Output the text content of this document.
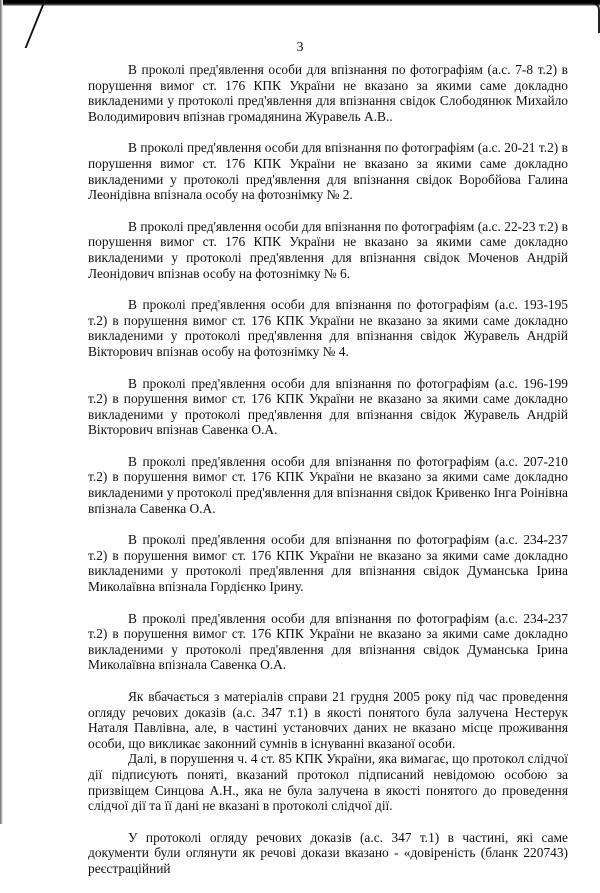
3

В проколі пред'явлення особи для впізнання по фотографіям (а.с. 7-8 т.2) в порушення вимог ст. 176 КПК України не вказано за якими саме докладно викладеними у протоколі пред'явлення для впізнання свідок Слободянюк Михайло Володимирович впізнав громадянина Журавель А.В..

В проколі пред'явлення особи для впізнання по фотографіям (а.с. 20-21 т.2) в порушення вимог ст. 176 КПК України не вказано за якими саме докладно викладеними у протоколі пред'явлення для впізнання свідок Воробйова Галина Леонідівна впізнала особу на фотознімку № 2.

В проколі пред'явлення особи для впізнання по фотографіям (а.с. 22-23 т.2) в порушення вимог ст. 176 КПК України не вказано за якими саме докладно викладеними у протоколі пред'явлення для впізнання свідок Моченов Андрій Леонідович впізнав особу на фотознімку № 6.

В проколі пред'явлення особи для впізнання по фотографіям (а.с. 193-195 т.2) в порушення вимог ст. 176 КПК України не вказано за якими саме докладно викладеними у протоколі пред'явлення для впізнання свідок Журавель Андрій Вікторович впізнав особу на фотознімку № 4.

В проколі пред'явлення особи для впізнання по фотографіям (а.с. 196-199 т.2) в порушення вимог ст. 176 КПК України не вказано за якими саме докладно викладеними у протоколі пред'явлення для впізнання свідок Журавель Андрій Вікторович впізнав Савенка О.А.

В проколі пред'явлення особи для впізнання по фотографіям (а.с. 207-210 т.2) в порушення вимог ст. 176 КПК України не вказано за якими саме докладно викладеними у протоколі пред'явлення для впізнання свідок Кривенко Інга Роінівна впізнала Савенка О.А.

В проколі пред'явлення особи для впізнання по фотографіям (а.с. 234-237 т.2) в порушення вимог ст. 176 КПК України не вказано за якими саме докладно викладеними у протоколі пред'явлення для впізнання свідок Думанська Ірина Миколаївна впізнала Гордієнко Ірину.

В проколі пред'явлення особи для впізнання по фотографіям (а.с. 234-237 т.2) в порушення вимог ст. 176 КПК України не вказано за якими саме докладно викладеними у протоколі пред'явлення для впізнання свідок Думанська Ірина Миколаївна впізнала Савенка О.А.

Як вбачається з матеріалів справи 21 грудня 2005 року під час проведення огляду речових доказів (а.с. 347 т.1) в якості понятого була залучена Нестерук Наталя Павлівна, але, в частині установчих даних не вказано місце проживання особи, що викликає законний сумнів в існуванні вказаної особи.

Далі, в порушення ч. 4 ст. 85 КПК України, яка вимагає, що протокол слідчої дії підписують поняті, вказаний протокол підписаний невідомою особою за призвіщем Синцова А.Н., яка не була залучена в якості понятого до проведення слідчої дії та її дані не вказані в протоколі слідчої дії.

У протоколі огляду речових доказів (а.с. 347 т.1) в частині, які саме документи були оглянути як речові докази вказано - «довіреність (бланк 220743) реєстраційний
